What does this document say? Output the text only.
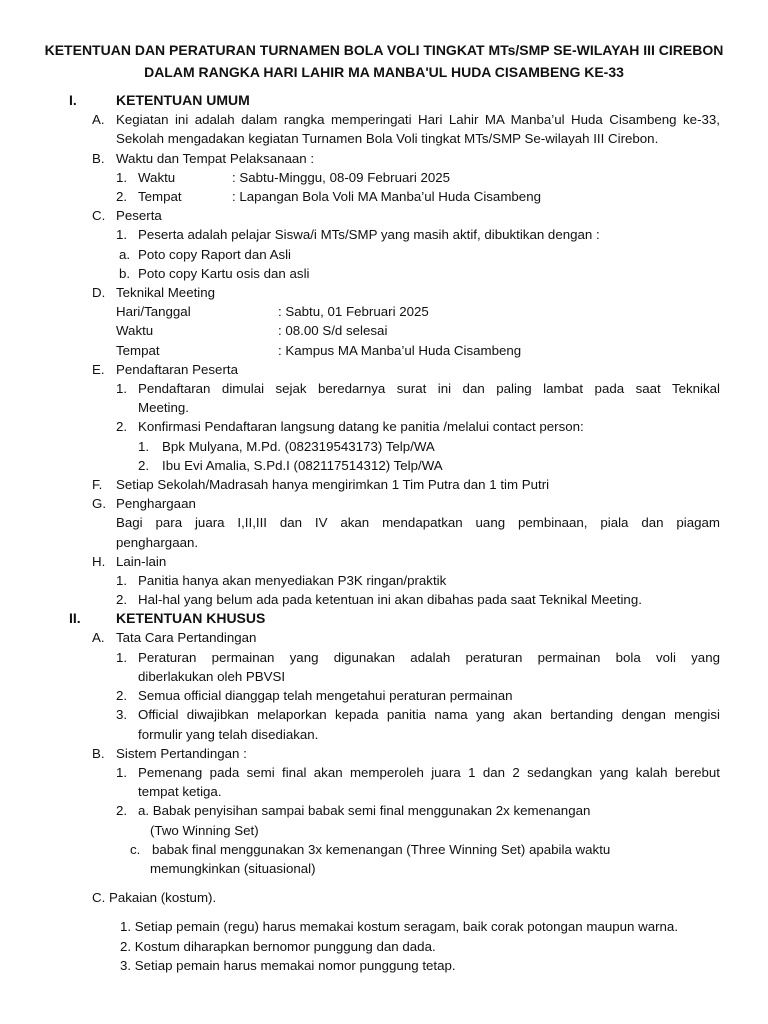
KETENTUAN DAN PERATURAN TURNAMEN BOLA VOLI TINGKAT MTs/SMP SE-WILAYAH III CIREBON
DALAM RANGKA HARI LAHIR MA MANBA'UL HUDA CISAMBENG KE-33
I.	KETENTUAN UMUM
A. Kegiatan ini adalah dalam rangka memperingati Hari Lahir MA Manba’ul Huda Cisambeng ke-33,
Sekolah mengadakan kegiatan Turnamen Bola Voli tingkat MTs/SMP Se-wilayah III Cirebon.
B. Waktu dan Tempat Pelaksanaan :
1. Waktu	: Sabtu-Minggu, 08-09 Februari 2025
2. Tempat	: Lapangan Bola Voli MA Manba’ul Huda Cisambeng
C. Peserta
1. Peserta adalah pelajar Siswa/i MTs/SMP yang masih aktif, dibuktikan dengan :
a. Poto copy Raport dan Asli
b. Poto copy Kartu osis dan asli
D. Teknikal Meeting
Hari/Tanggal	: Sabtu, 01 Februari 2025
Waktu	: 08.00 S/d selesai
Tempat	: Kampus MA Manba’ul Huda Cisambeng
E. Pendaftaran Peserta
1. Pendaftaran dimulai sejak beredarnya surat ini dan paling lambat pada saat Teknikal
Meeting.
2. Konfirmasi Pendaftaran langsung datang ke panitia /melalui contact person:
1. Bpk Mulyana, M.Pd. (082319543173) Telp/WA
2. Ibu Evi Amalia, S.Pd.I (082117514312) Telp/WA
F. Setiap Sekolah/Madrasah hanya mengirimkan 1 Tim Putra dan 1 tim Putri
G. Penghargaan
Bagi para juara I,II,III dan IV akan mendapatkan uang pembinaan, piala dan piagam
penghargaan.
H. Lain-lain
1. Panitia hanya akan menyediakan P3K ringan/praktik
2. Hal-hal yang belum ada pada ketentuan ini akan dibahas pada saat Teknikal Meeting.
II.	KETENTUAN KHUSUS
A. Tata Cara Pertandingan
1. Peraturan permainan yang digunakan adalah peraturan permainan bola voli yang
diberlakukan oleh PBVSI
2. Semua official dianggap telah mengetahui peraturan permainan
3. Official diwajibkan melaporkan kepada panitia nama yang akan bertanding dengan mengisi
formulir yang telah disediakan.
B. Sistem Pertandingan :
1. Pemenang pada semi final akan memperoleh juara 1 dan 2 sedangkan yang kalah berebut
tempat ketiga.
2. a. Babak penyisihan sampai babak semi final menggunakan 2x kemenangan
(Two Winning Set)
c. babak final menggunakan 3x kemenangan (Three Winning Set) apabila waktu
memungkinkan (situasional)
C. Pakaian (kostum).
1. Setiap pemain (regu) harus memakai kostum seragam, baik corak potongan maupun warna.
2. Kostum diharapkan bernomor punggung dan dada.
3. Setiap pemain harus memakai nomor punggung tetap.
